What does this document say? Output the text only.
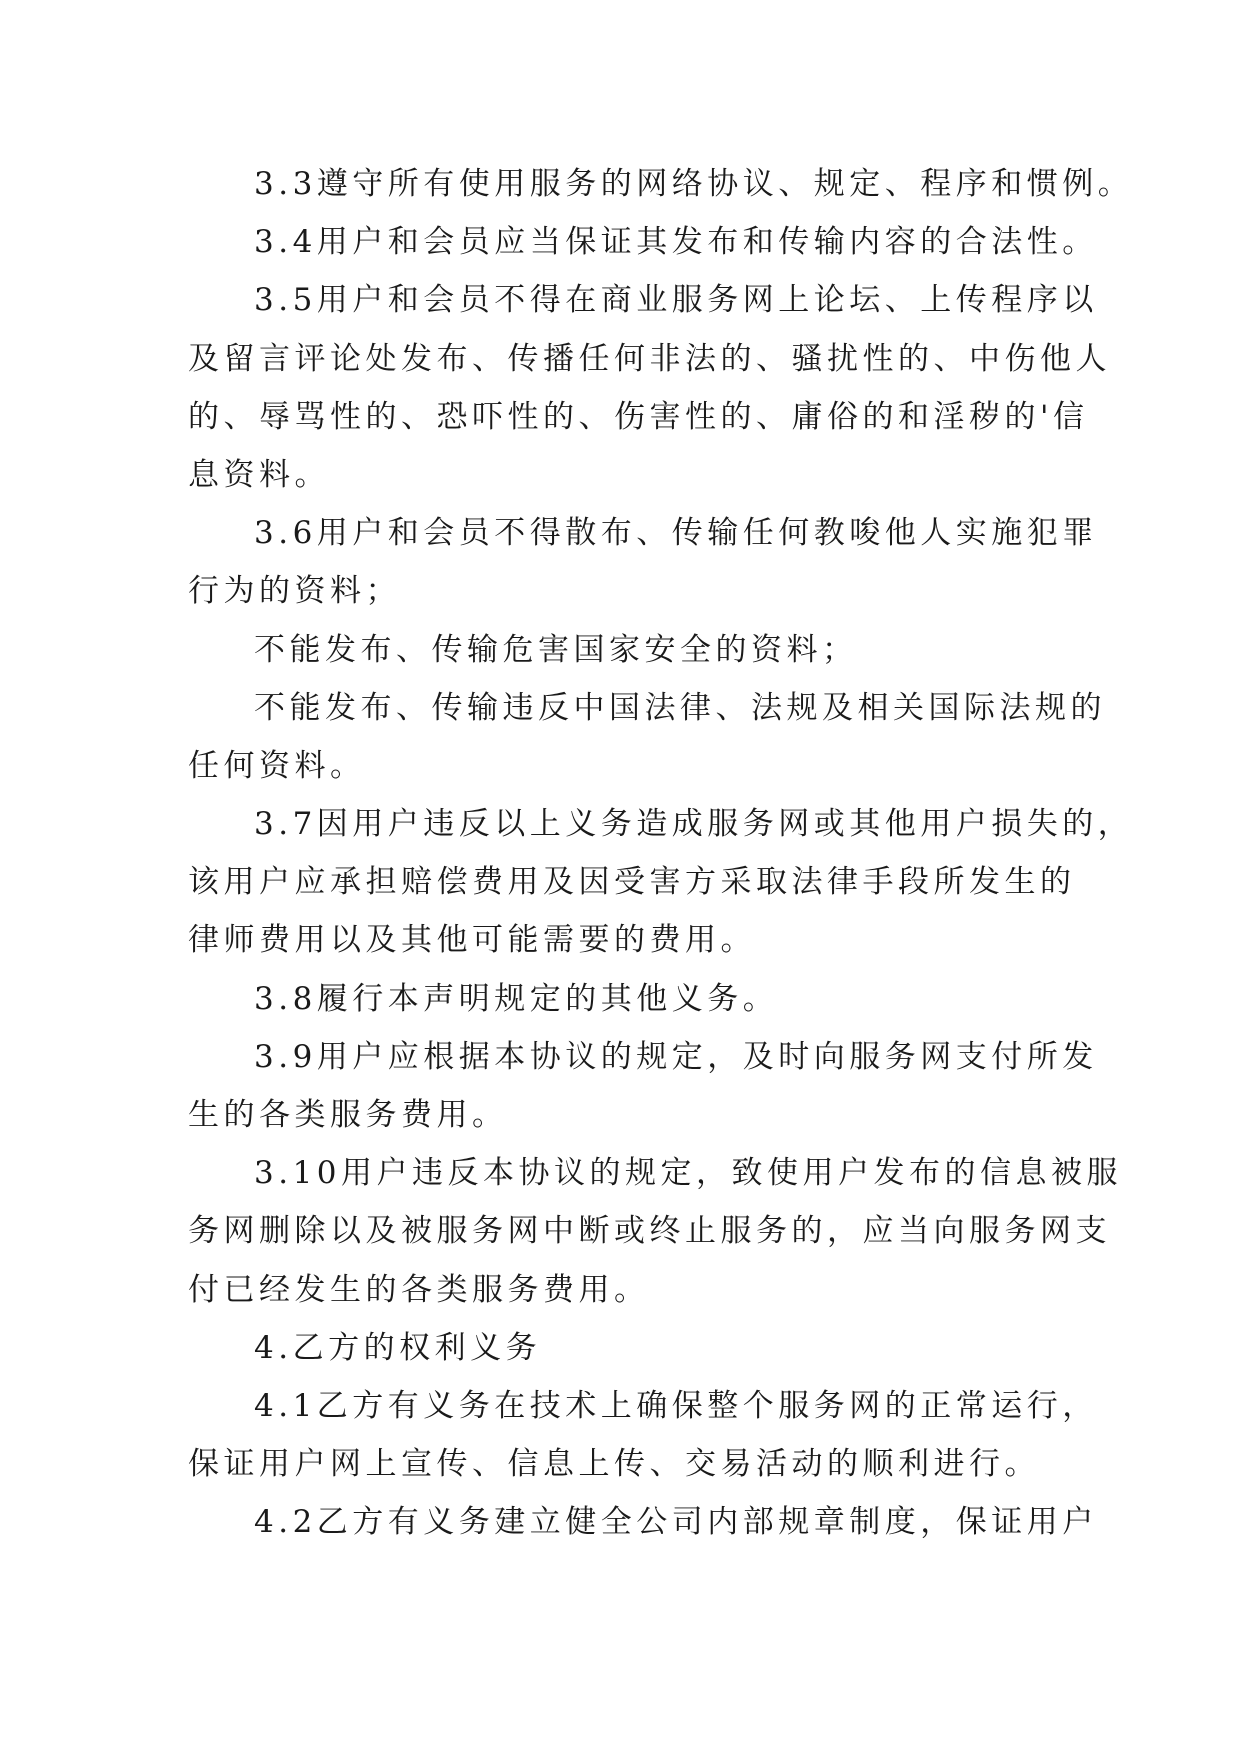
3.3遵守所有使用服务的网络协议、规定、程序和惯例。
3.4用户和会员应当保证其发布和传输内容的合法性。
3.5用户和会员不得在商业服务网上论坛、上传程序以
及留言评论处发布、传播任何非法的、骚扰性的、中伤他人
的、辱骂性的、恐吓性的、伤害性的、庸俗的和淫秽的'信
息资料。
3.6用户和会员不得散布、传输任何教唆他人实施犯罪
行为的资料；
不能发布、传输危害国家安全的资料；
不能发布、传输违反中国法律、法规及相关国际法规的
任何资料。
3.7因用户违反以上义务造成服务网或其他用户损失的，
该用户应承担赔偿费用及因受害方采取法律手段所发生的
律师费用以及其他可能需要的费用。
3.8履行本声明规定的其他义务。
3.9用户应根据本协议的规定，及时向服务网支付所发
生的各类服务费用。
3.10用户违反本协议的规定，致使用户发布的信息被服
务网删除以及被服务网中断或终止服务的，应当向服务网支
付已经发生的各类服务费用。
4.乙方的权利义务
4.1乙方有义务在技术上确保整个服务网的正常运行，
保证用户网上宣传、信息上传、交易活动的顺利进行。
4.2乙方有义务建立健全公司内部规章制度，保证用户
